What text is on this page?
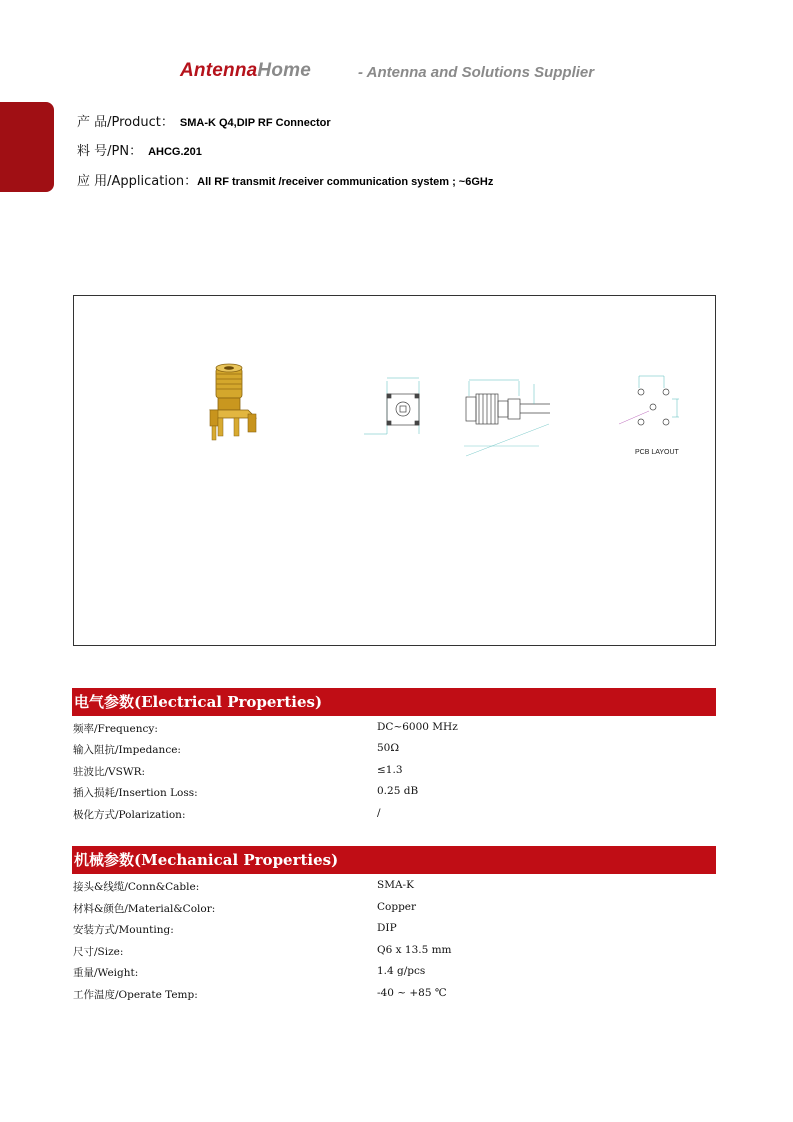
AntennaHome	- Antenna and Solutions Supplier
产 品/Product： SMA-K Q4,DIP RF Connector
料 号/PN： AHCG.201
应 用/Application：All RF transmit /receiver communication system ; ~6GHz
PCB LAYOUT
电气参数(Electrical Properties)
频率/Frequency:	DC~6000 MHz
输入阻抗/Impedance:	50Ω
驻波比/VSWR:	≤1.3
插入损耗/Insertion Loss:	0.25 dB
极化方式/Polarization:	/
机械参数(Mechanical Properties)
接头&线缆/Conn&Cable:	SMA-K
材料&颜色/Material&Color:	Copper
安装方式/Mounting:	DIP
尺寸/Size:	Q6 x 13.5 mm
重量/Weight:	1.4 g/pcs
工作温度/Operate Temp:	-40 ~ +85 ℃
